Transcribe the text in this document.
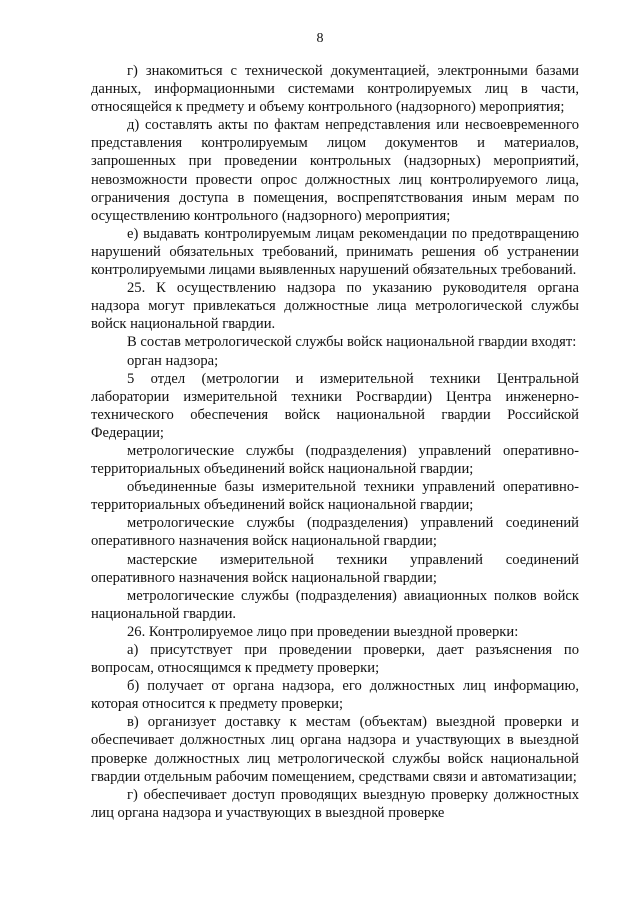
8

г) знакомиться с технической документацией, электронными базами данных, информационными системами контролируемых лиц в части, относящейся к предмету и объему контрольного (надзорного) мероприятия;

д) составлять акты по фактам непредставления или несвоевременного представления контролируемым лицом документов и материалов, запрошенных при проведении контрольных (надзорных) мероприятий, невозможности провести опрос должностных лиц контролируемого лица, ограничения доступа в помещения, воспрепятствования иным мерам по осуществлению контрольного (надзорного) мероприятия;

е) выдавать контролируемым лицам рекомендации по предотвращению нарушений обязательных требований, принимать решения об устранении контролируемыми лицами выявленных нарушений обязательных требований.

25. К осуществлению надзора по указанию руководителя органа надзора могут привлекаться должностные лица метрологической службы войск национальной гвардии.

В состав метрологической службы войск национальной гвардии входят:

орган надзора;

5 отдел (метрологии и измерительной техники Центральной лаборатории измерительной техники Росгвардии) Центра инженерно-технического обеспечения войск национальной гвардии Российской Федерации;

метрологические службы (подразделения) управлений оперативно-территориальных объединений войск национальной гвардии;

объединенные базы измерительной техники управлений оперативно-территориальных объединений войск национальной гвардии;

метрологические службы (подразделения) управлений соединений оперативного назначения войск национальной гвардии;

мастерские измерительной техники управлений соединений оперативного назначения войск национальной гвардии;

метрологические службы (подразделения) авиационных полков войск национальной гвардии.

26. Контролируемое лицо при проведении выездной проверки:

а) присутствует при проведении проверки, дает разъяснения по вопросам, относящимся к предмету проверки;

б) получает от органа надзора, его должностных лиц информацию, которая относится к предмету проверки;

в) организует доставку к местам (объектам) выездной проверки и обеспечивает должностных лиц органа надзора и участвующих в выездной проверке должностных лиц метрологической службы войск национальной гвардии отдельным рабочим помещением, средствами связи и автоматизации;

г) обеспечивает доступ проводящих выездную проверку должностных лиц органа надзора и участвующих в выездной проверке
